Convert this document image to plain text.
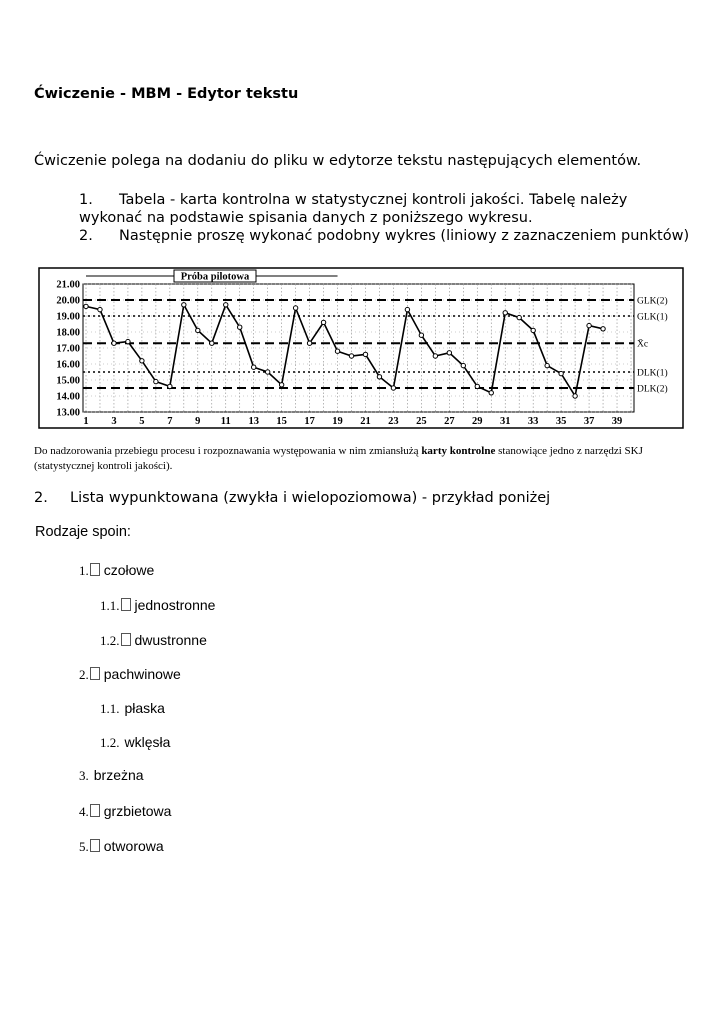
Ćwiczenie - MBM - Edytor tekstu

Ćwiczenie polega na dodaniu do pliku w edytorze tekstu następujących elementów.

1. Tabela - karta kontrolna w statystycznej kontroli jakości. Tabelę należy
wykonać na podstawie spisania danych z poniższego wykresu.
2. Następnie proszę wykonać podobny wykres (liniowy z zaznaczeniem punktów)
21.00
20.00
19.00
18.00
17.00
16.00
15.00
14.00
13.00
1 3 5 7 9 11 13 15 17 19 21 23 25 27 29 31 33 35 37 39
GLK(2)
GLK(1)
X̄c
DLK(1)
DLK(2)
Próba pilotowa

Do nadzorowania przebiegu procesu i rozpoznawania występowania w nim zmiansłużą karty kontrolne stanowiące jedno z narzędzi SKJ (statystycznej kontroli jakości).

2. Lista wypunktowana (zwykła i wielopoziomowa) - przykład poniżej

Rodzaje spoin:

1. czołowe
1.1. jednostronne
1.2. dwustronne
2. pachwinowe
1.1. płaska
1.2. wklęsła
3. brzeżna
4. grzbietowa
5. otworowa
